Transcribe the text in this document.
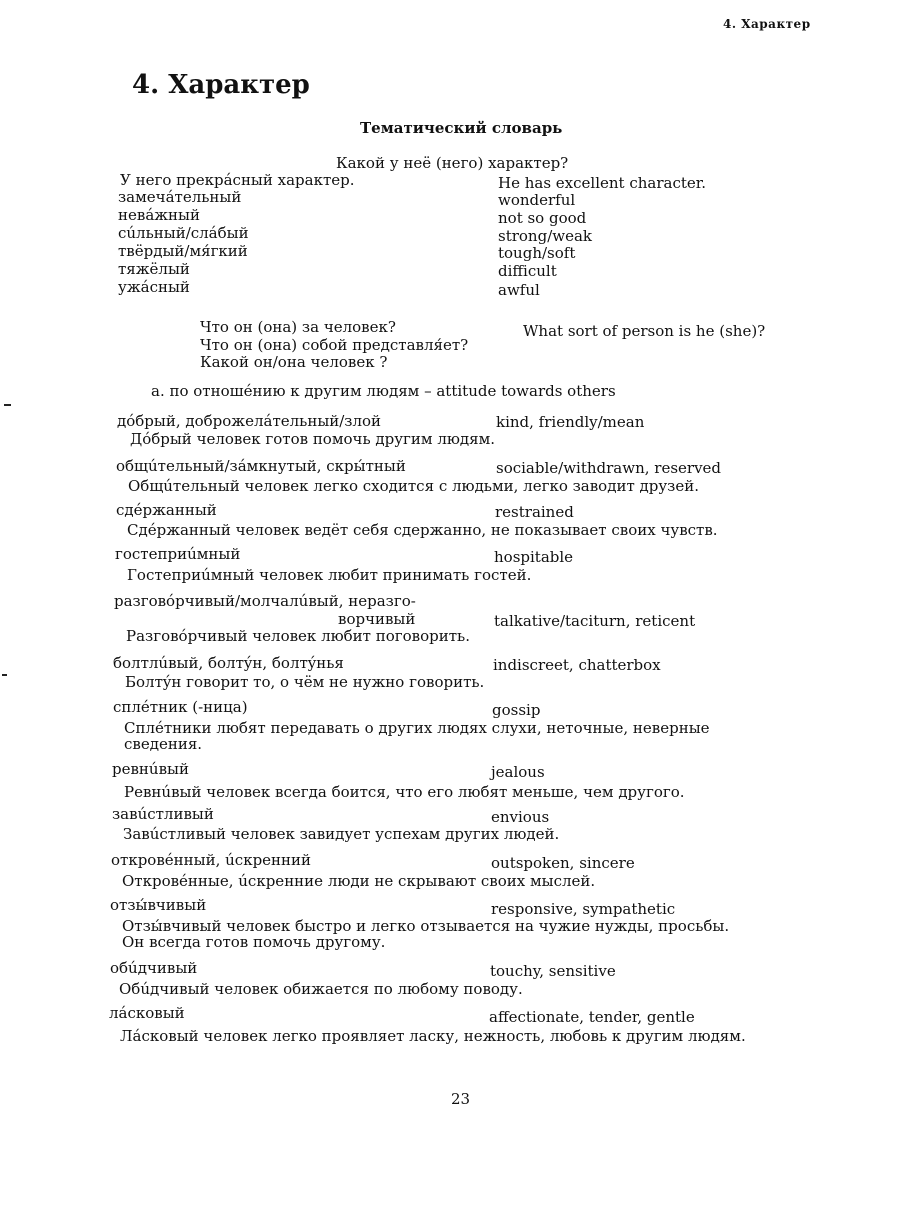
4. Характер
4. Характер
Тематический словарь
Какой у неё (него) характер?
У него прекрáсный характер.	He has excellent character.
замечáтельный	wonderful
невáжный	not so good
сúльный/слáбый	strong/weak
твёрдый/мя́гкий	tough/soft
тяжёлый	difficult
ужáсный	awful
Что он (она) за человек?	What sort of person is he (she)?
Что он (она) собой представля́ет?
Какой он/она человек ?
а. по отношéнию к другим людям – attitude towards others
дóбрый, доброжелáтельный/злой	kind, friendly/mean
Дóбрый человек готов помочь другим людям.
общúтельный/зáмкнутый, скры́тный	sociable/withdrawn, reserved
Общúтельный человек легко сходится с людьми, легко заводит друзей.
сдéржанный	restrained
Сдéржанный человек ведёт себя сдержанно, не показывает своих чувств.
гостеприúмный	hospitable
Гостеприúмный человек любит принимать гостей.
разговóрчивый/молчалúвый, неразго-
ворчивый	talkative/taciturn, reticent
Разговóрчивый человек любит поговорить.
болтлúвый, болтýн, болтýнья	indiscreet, chatterbox
Болтýн говорит то, о чём не нужно говорить.
сплéтник (-ница)	gossip
Сплéтники любят передавать о других людях слухи, неточные, неверные
сведения.
ревнúвый	jealous
Ревнúвый человек всегда боится, что его любят меньше, чем другого.
завúстливый	envious
Завúстливый человек завидует успехам других людей.
откровéнный, úскренний	outspoken, sincere
Откровéнные, úскренние люди не скрывают своих мыслей.
отзы́вчивый	responsive, sympathetic
Отзы́вчивый человек быстро и легко отзывается на чужие нужды, просьбы.
Он всегда готов помочь другому.
обúдчивый	touchy, sensitive
Обúдчивый человек обижается по любому поводу.
лáсковый	affectionate, tender, gentle
Лáсковый человек легко проявляет ласку, нежность, любовь к другим людям.
23
